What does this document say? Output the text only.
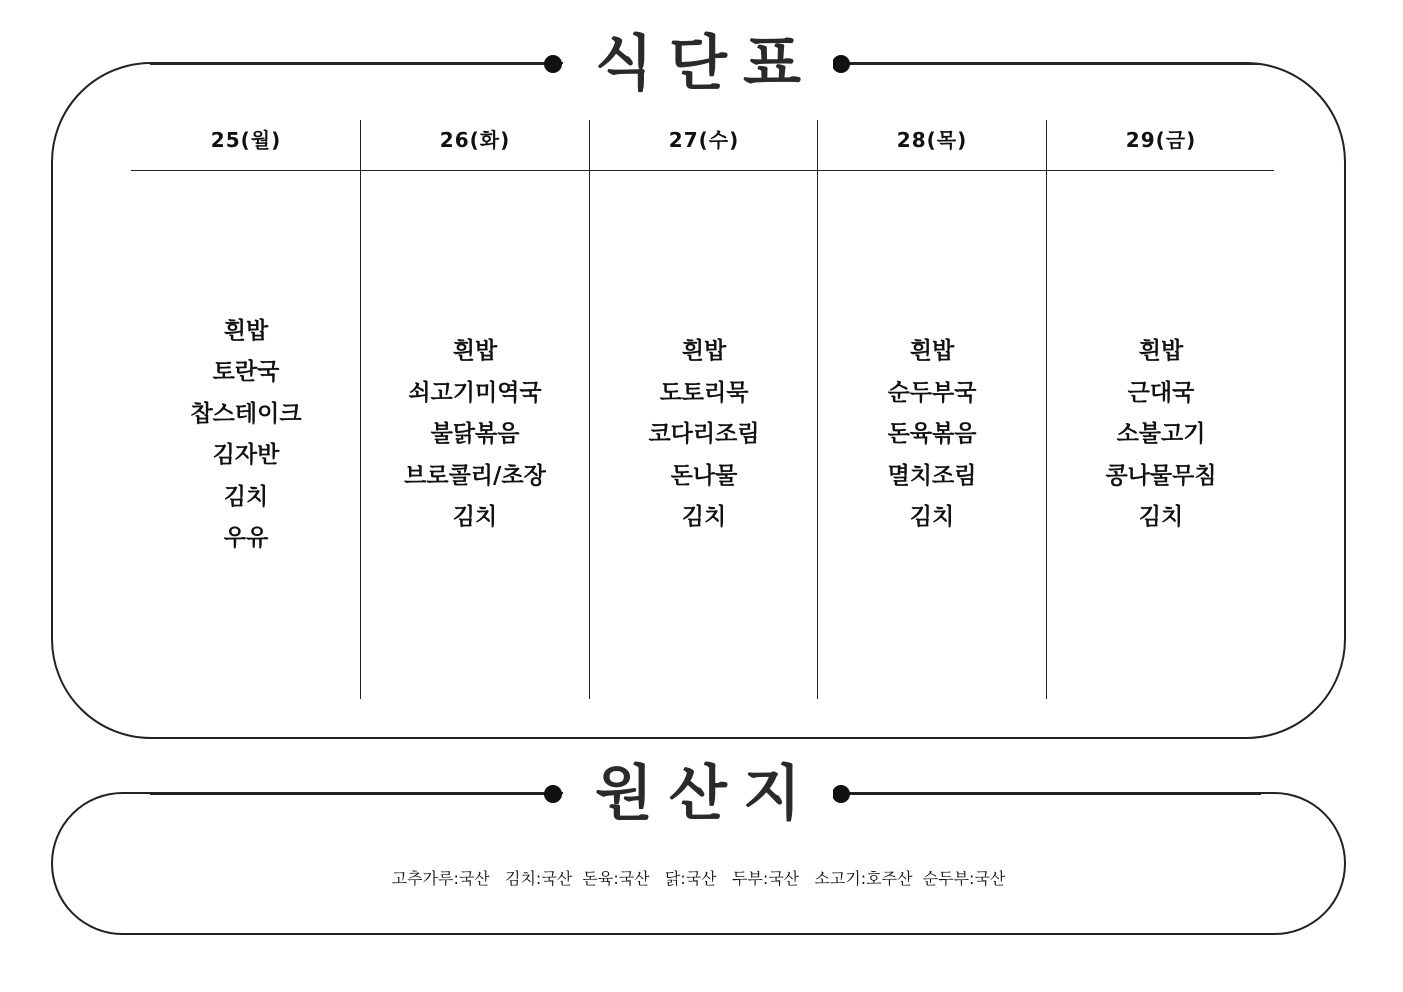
식단표
25(월)
흰밥
토란국
찹스테이크
김자반
김치
우유
26(화)
흰밥
쇠고기미역국
불닭볶음
브로콜리/초장
김치
27(수)
흰밥
도토리묵
코다리조림
돈나물
김치
28(목)
흰밥
순두부국
돈육볶음
멸치조림
김치
29(금)
흰밥
근대국
소불고기
콩나물무침
김치
원산지
고추가루:국산   김치:국산  돈육:국산   닭:국산   두부:국산   소고기:호주산  순두부:국산
